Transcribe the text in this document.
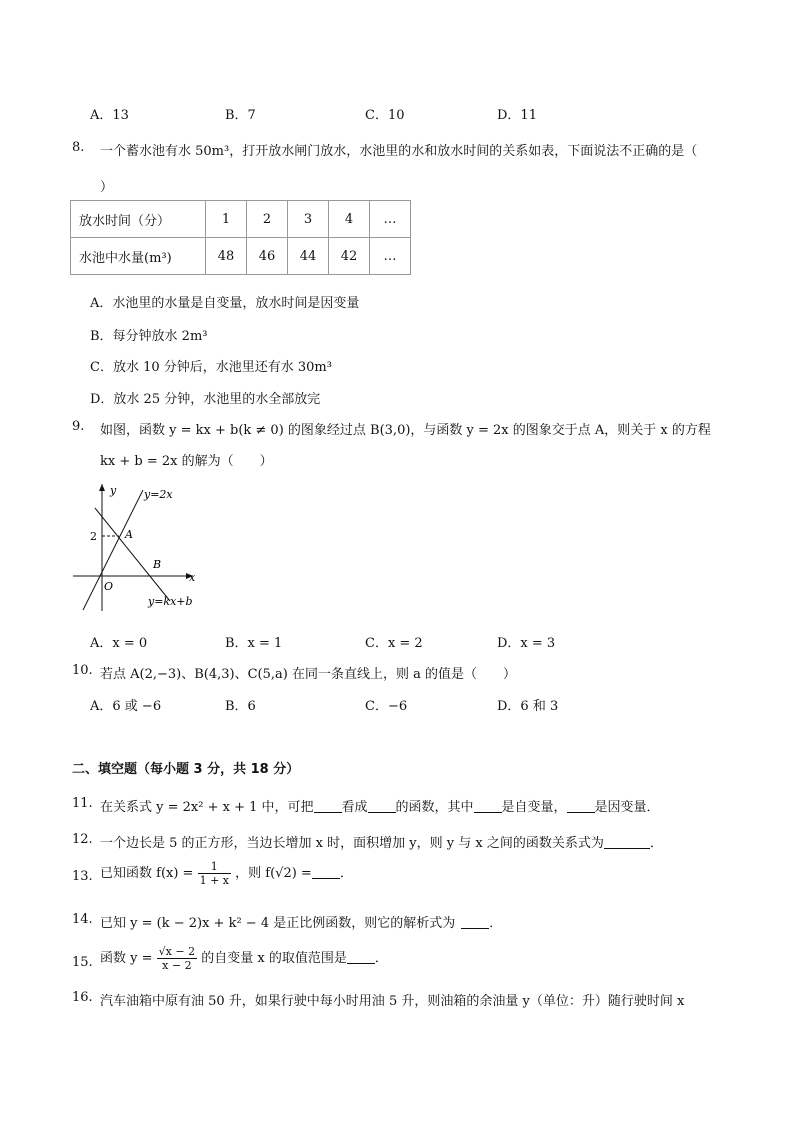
A．13	B．7	C．10	D．11
8. 一个蓄水池有水 50m³，打开放水闸门放水，水池里的水和放水时间的关系如表，下面说法不正确的是（
）
放水时间（分）	1	2	3	4	…
水池中水量(m³)	48	46	44	42	…
A．水池里的水量是自变量，放水时间是因变量
B．每分钟放水 2m³
C．放水 10 分钟后，水池里还有水 30m³
D．放水 25 分钟，水池里的水全部放完
9. 如图，函数 y = kx + b(k ≠ 0) 的图象经过点 B(3,0)，与函数 y = 2x 的图象交于点 A，则关于 x 的方程
kx + b = 2x 的解为（　　）
y
x
O
A
B
2
y=2x
y=kx+b
A．x = 0	B．x = 1	C．x = 2	D．x = 3
10. 若点 A(2,−3)、B(4,3)、C(5,a) 在同一条直线上，则 a 的值是（　　）
A．6 或 −6	B．6	C．−6	D．6 和 3
二、填空题（每小题 3 分，共 18 分）
11. 在关系式 y = 2x² + x + 1 中，可把 看成 的函数，其中 是自变量， 是因变量．
12. 一个边长是 5 的正方形，当边长增加 x 时，面积增加 y，则 y 与 x 之间的函数关系式为	．
13. 已知函数 $f(x) = \frac{1}{1 + x}$ ，则 f(√2) = ．
14. 已知 y = (k − 2)x + k² − 4 是正比例函数，则它的解析式为	．
15. 函数 $y = \frac{√x - 2}{x - 2}$ 的自变量 x 的取值范围是 ．
16. 汽车油箱中原有油 50 升，如果行驶中每小时用油 5 升，则油箱的余油量 y（单位：升）随行驶时间 x
